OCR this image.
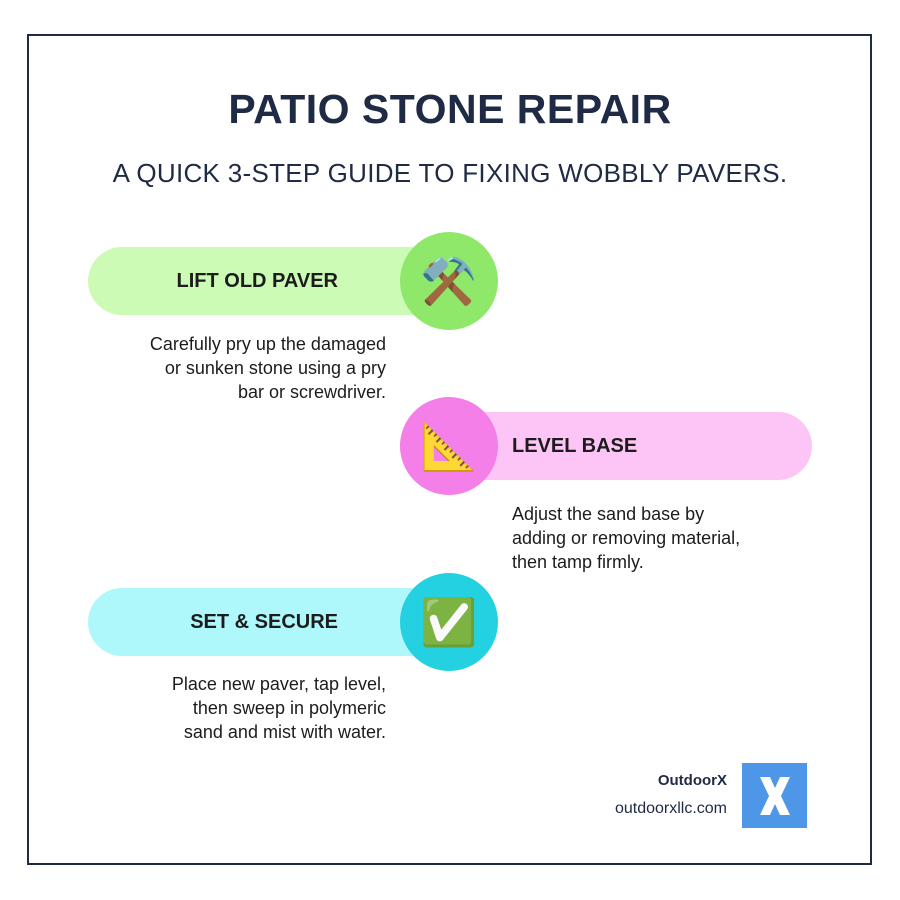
PATIO STONE REPAIR
A QUICK 3-STEP GUIDE TO FIXING WOBBLY PAVERS.
LIFT OLD PAVER ⚒️
Carefully pry up the damaged
or sunken stone using a pry
bar or screwdriver.
LEVEL BASE
📐
Adjust the sand base by
adding or removing material,
then tamp firmly.
SET & SECURE ✅
Place new paver, tap level,
then sweep in polymeric
sand and mist with water.
OutdoorX
outdoorxllc.com
